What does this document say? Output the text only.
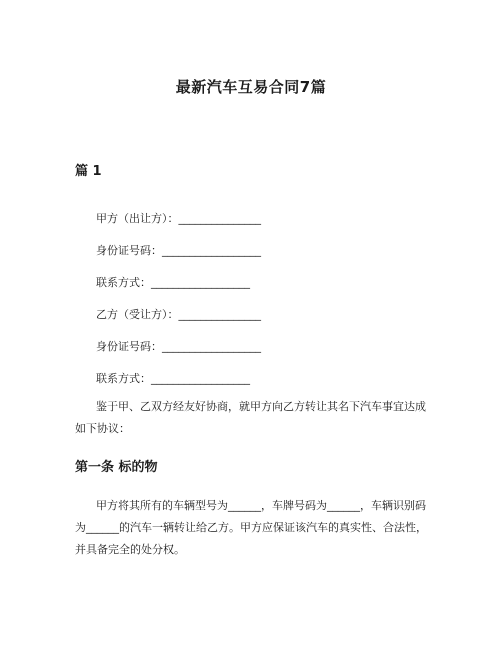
最新汽车互易合同7篇
篇 1
甲方（出让方）：_______________
身份证号码：__________________
联系方式：__________________
乙方（受让方）：_______________
身份证号码：__________________
联系方式：__________________
鉴于甲、乙双方经友好协商，就甲方向乙方转让其名下汽车事宜达成如下协议：
第一条 标的物
甲方将其所有的车辆型号为______，车牌号码为______，车辆识别码为______的汽车一辆转让给乙方。甲方应保证该汽车的真实性、合法性，并具备完全的处分权。
